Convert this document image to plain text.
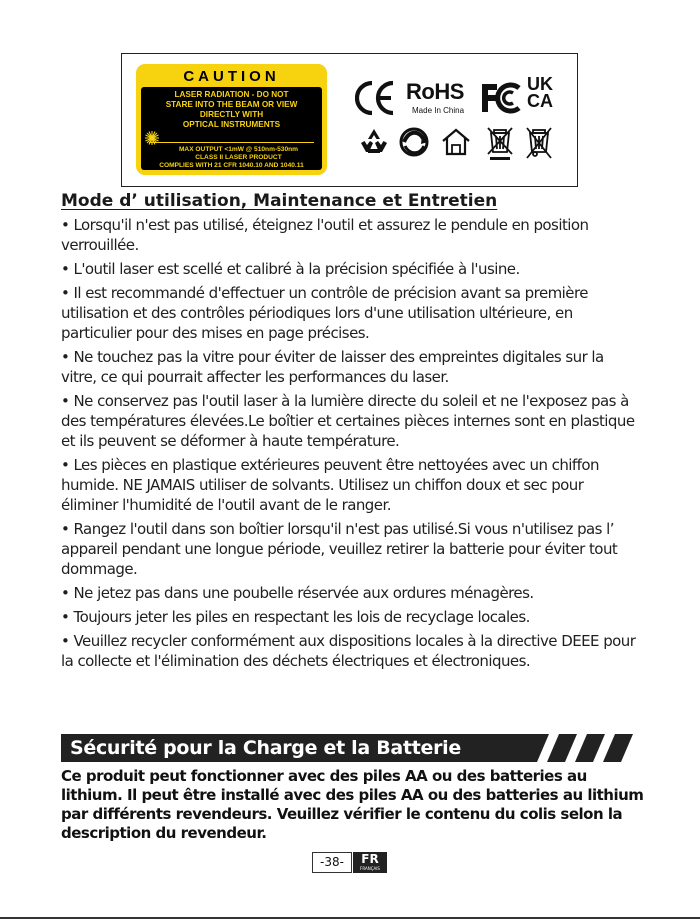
CAUTION
LASER RADIATION - DO NOT
STARE INTO THE BEAM OR VIEW
DIRECTLY WITH
OPTICAL INSTRUMENTS
MAX OUTPUT <1mW @ 510nm-530nm
CLASS II LASER PRODUCT
COMPLIES WITH 21 CFR 1040.10 AND 1040.11
RoHS
Made In China
UK
CA
Mode d’ utilisation, Maintenance et Entretien
• Lorsqu'il n'est pas utilisé, éteignez l'outil et assurez le pendule en position verrouillée.
• L'outil laser est scellé et calibré à la précision spécifiée à l'usine.
• Il est recommandé d'effectuer un contrôle de précision avant sa première utilisation et des contrôles périodiques lors d'une utilisation ultérieure, en particulier pour des mises en page précises.
• Ne touchez pas la vitre pour éviter de laisser des empreintes digitales sur la vitre, ce qui pourrait affecter les performances du laser.
• Ne conservez pas l'outil laser à la lumière directe du soleil et ne l'exposez pas à des températures élevées.Le boîtier et certaines pièces internes sont en plastique et ils peuvent se déformer à haute température.
• Les pièces en plastique extérieures peuvent être nettoyées avec un chiffon humide. NE JAMAIS utiliser de solvants. Utilisez un chiffon doux et sec pour éliminer l'humidité de l'outil avant de le ranger.
• Rangez l'outil dans son boîtier lorsqu'il n'est pas utilisé.Si vous n'utilisez pas l’ appareil pendant une longue période, veuillez retirer la batterie pour éviter tout dommage.
• Ne jetez pas dans une poubelle réservée aux ordures ménagères.
• Toujours jeter les piles en respectant les lois de recyclage locales.
• Veuillez recycler conformément aux dispositions locales à la directive DEEE pour la collecte et l'élimination des déchets électriques et électroniques.
Sécurité pour la Charge et la Batterie

Ce produit peut fonctionner avec des piles AA ou des batteries au lithium. Il peut être installé avec des piles AA ou des batteries au lithium par différents revendeurs. Veuillez vérifier le contenu du colis selon la description du revendeur.

-38-	FR
FRANÇAIS
